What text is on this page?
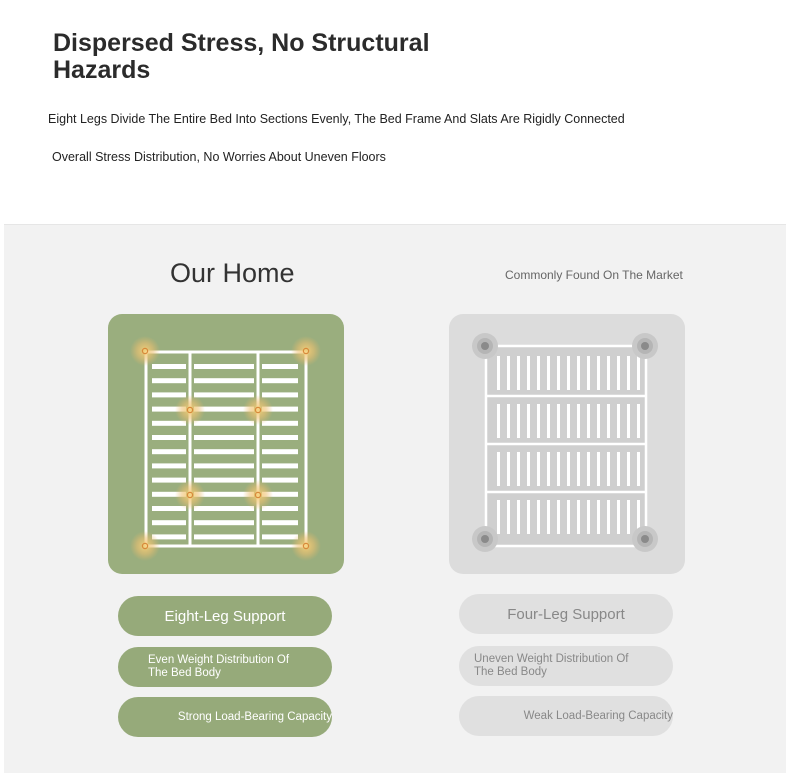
Dispersed Stress, No Structural Hazards
Eight Legs Divide The Entire Bed Into Sections Evenly, The Bed Frame And Slats Are Rigidly Connected
Overall Stress Distribution, No Worries About Uneven Floors
Our Home	Commonly Found On The Market
Eight-Leg Support
Even Weight Distribution Of The Bed Body
Strong Load-Bearing Capacity
Four-Leg Support
Uneven Weight Distribution Of The Bed Body
Weak Load-Bearing Capacity
